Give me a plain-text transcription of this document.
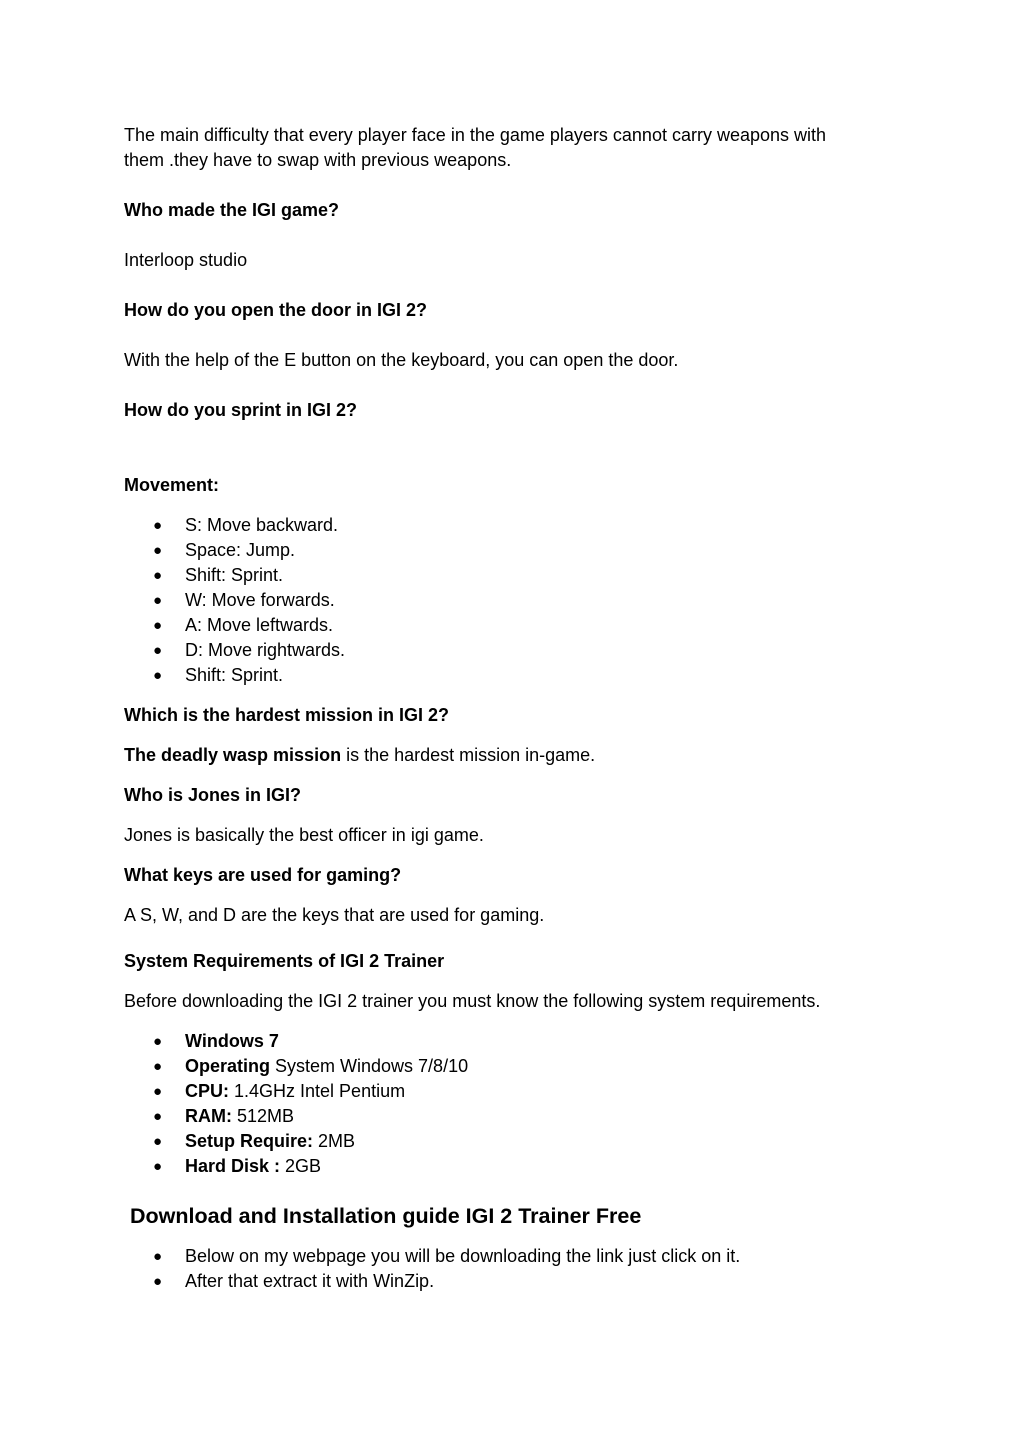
The main difficulty that every player face in the game players cannot carry weapons with

them .they have to swap with previous weapons.

Who made the IGI game?

Interloop studio

How do you open the door in IGI 2?

With the help of the E button on the keyboard, you can open the door.

How do you sprint in IGI 2?

Movement:

● S: Move backward.
● Space: Jump.
● Shift: Sprint.
● W: Move forwards.
● A: Move leftwards.
● D: Move rightwards.
● Shift: Sprint.

Which is the hardest mission in IGI 2?

The deadly wasp mission is the hardest mission in-game.

Who is Jones in IGI?

Jones is basically the best officer in igi game.

What keys are used for gaming?

A S, W, and D are the keys that are used for gaming.

System Requirements of IGI 2 Trainer

Before downloading the IGI 2 trainer you must know the following system requirements.

● Windows 7
● Operating System Windows 7/8/10
● CPU: 1.4GHz Intel Pentium
● RAM: 512MB
● Setup Require: 2MB
● Hard Disk : 2GB

Download and Installation guide IGI 2 Trainer Free

● Below on my webpage you will be downloading the link just click on it.
● After that extract it with WinZip.
